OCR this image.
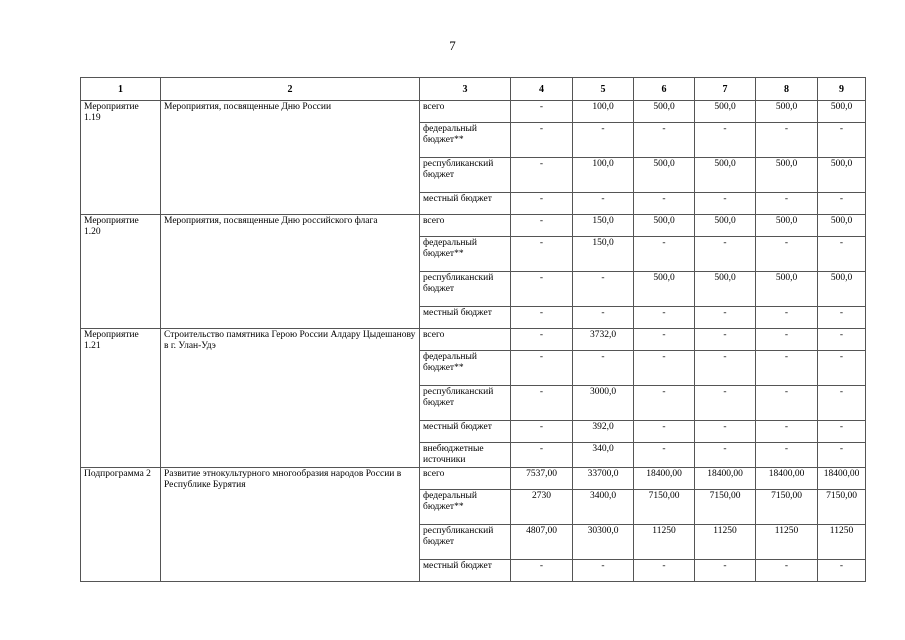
7
1	2	3	4	5	6	7	8	9
Мероприятие 1.19	Мероприятия, посвященные Дню России	всего	-	100,0	500,0	500,0	500,0	500,0
		федеральный бюджет**	-	-	-	-	-	-
		республиканский бюджет	-	100,0	500,0	500,0	500,0	500,0
		местный бюджет	-	-	-	-	-	-
Мероприятие 1.20	Мероприятия, посвященные Дню российского флага	всего	-	150,0	500,0	500,0	500,0	500,0
		федеральный бюджет**	-	150,0	-	-	-	-
		республиканский бюджет	-	-	500,0	500,0	500,0	500,0
		местный бюджет	-	-	-	-	-	-
Мероприятие 1.21	Строительство памятника Герою России Алдару Цыдешанову в г. Улан-Удэ	всего	-	3732,0	-	-	-	-
		федеральный бюджет**	-	-	-	-	-	-
		республиканский бюджет	-	3000,0	-	-	-	-
		местный бюджет	-	392,0	-	-	-	-
		внебюджетные источники	-	340,0	-	-	-	-
Подпрограмма 2	Развитие этнокультурного многообразия народов России в Республике Бурятия	всего	7537,00	33700,0	18400,00	18400,00	18400,00	18400,00
		федеральный бюджет**	2730	3400,0	7150,00	7150,00	7150,00	7150,00
		республиканский бюджет	4807,00	30300,0	11250	11250	11250	11250
		местный бюджет	-	-	-	-	-	-
